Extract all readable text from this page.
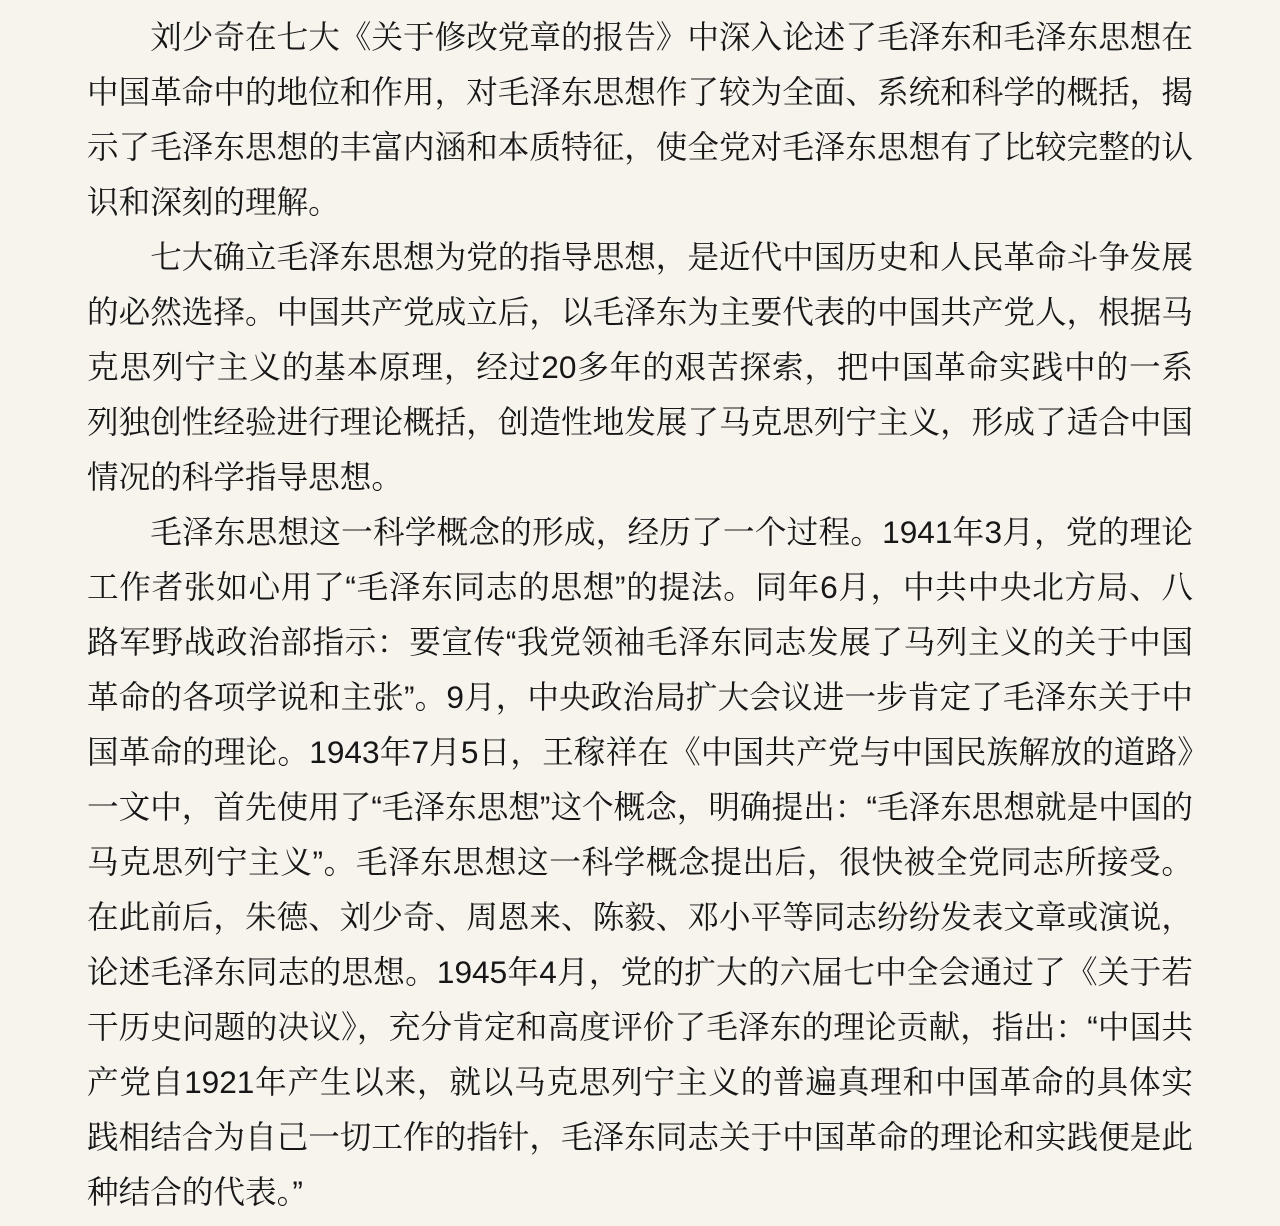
刘少奇在七大《关于修改党章的报告》中深入论述了毛泽东和毛泽东思想在中国革命中的地位和作用，对毛泽东思想作了较为全面、系统和科学的概括，揭示了毛泽东思想的丰富内涵和本质特征，使全党对毛泽东思想有了比较完整的认识和深刻的理解。

七大确立毛泽东思想为党的指导思想，是近代中国历史和人民革命斗争发展的必然选择。中国共产党成立后，以毛泽东为主要代表的中国共产党人，根据马克思列宁主义的基本原理，经过20多年的艰苦探索，把中国革命实践中的一系列独创性经验进行理论概括，创造性地发展了马克思列宁主义，形成了适合中国情况的科学指导思想。

毛泽东思想这一科学概念的形成，经历了一个过程。1941年3月，党的理论工作者张如心用了“毛泽东同志的思想”的提法。同年6月，中共中央北方局、八路军野战政治部指示：要宣传“我党领袖毛泽东同志发展了马列主义的关于中国革命的各项学说和主张”。9月，中央政治局扩大会议进一步肯定了毛泽东关于中国革命的理论。1943年7月5日，王稼祥在《中国共产党与中国民族解放的道路》一文中，首先使用了“毛泽东思想”这个概念，明确提出：“毛泽东思想就是中国的马克思列宁主义”。毛泽东思想这一科学概念提出后，很快被全党同志所接受。在此前后，朱德、刘少奇、周恩来、陈毅、邓小平等同志纷纷发表文章或演说，论述毛泽东同志的思想。1945年4月，党的扩大的六届七中全会通过了《关于若干历史问题的决议》，充分肯定和高度评价了毛泽东的理论贡献，指出：“中国共产党自1921年产生以来，就以马克思列宁主义的普遍真理和中国革命的具体实践相结合为自己一切工作的指针，毛泽东同志关于中国革命的理论和实践便是此种结合的代表。”
